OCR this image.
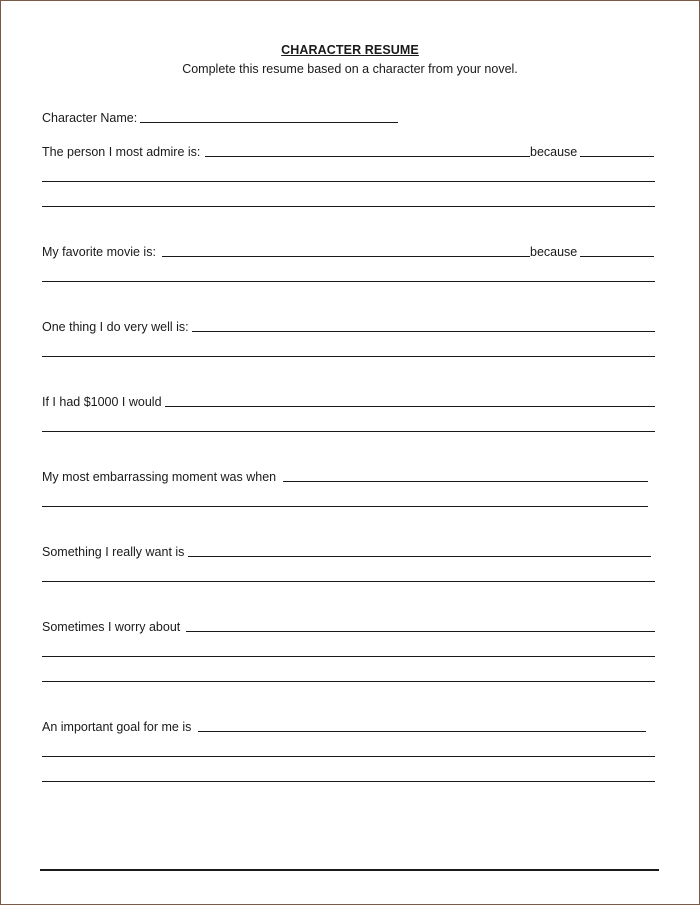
CHARACTER RESUME
Complete this resume based on a character from your novel.
Character Name:
The person I most admire is:	because
My favorite movie is:	because
One thing I do very well is:
If I had $1000 I would
My most embarrassing moment was when
Something I really want is
Sometimes I worry about
An important goal for me is
